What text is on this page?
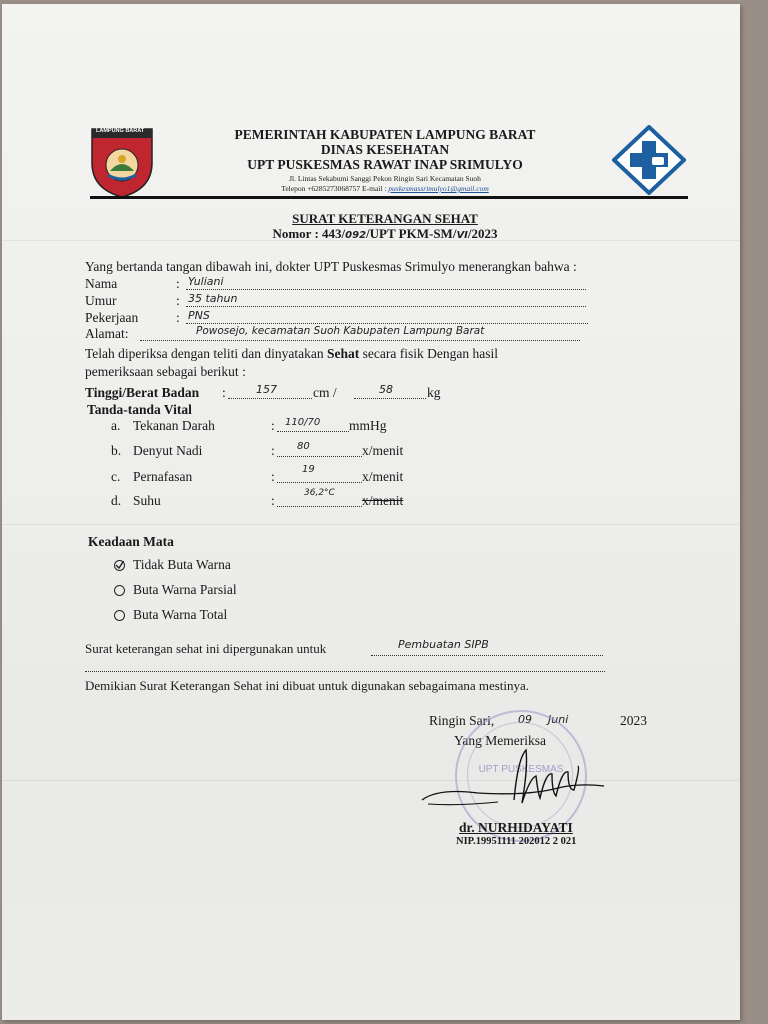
LAMPUNG BARAT	PEMERINTAH KABUPATEN LAMPUNG BARAT
DINAS KESEHATAN
UPT PUSKESMAS RAWAT INAP SRIMULYO
Jl. Lintas Sekabumi Sanggi Pekon Ringin Sari Kecamatan Suoh
Telepon +6285273068757 E-mail : puskesmassrimulyo1@gmail.com
SURAT KETERANGAN SEHAT
Nomor : 443/092/UPT PKM-SM/VI/2023
Yang bertanda tangan dibawah ini, dokter UPT Puskesmas Srimulyo menerangkan bahwa :
Nama	: Yuliani
Umur	: 35 tahun
Pekerjaan	: PNS
Alamat:	Powosejo, kecamatan Suoh Kabupaten Lampung Barat
Telah diperiksa dengan teliti dan dinyatakan Sehat secara fisik Dengan hasil
pemeriksaan sebagai berikut :
Tinggi/Berat Badan :	157	cm /	58	kg
Tanda-tanda Vital
a. Tekanan Darah	: 110/70 mmHg
b. Denyut Nadi	: 80	x/menit
c. Pernafasan	:	19	x/menit
d. Suhu	:	36,2°C x/menit
Keadaan Mata
Tidak Buta Warna
Buta Warna Parsial
Buta Warna Total
Surat keterangan sehat ini dipergunakan untuk	Pembuatan SIPB
Demikian Surat Keterangan Sehat ini dibuat untuk digunakan sebagaimana mestinya.
Ringin Sari, 09 Juni	2023
Yang Memeriksa
UPT PUSKESMAS
dr. NURHIDAYATI
NIP.19951111 202012 2 021
